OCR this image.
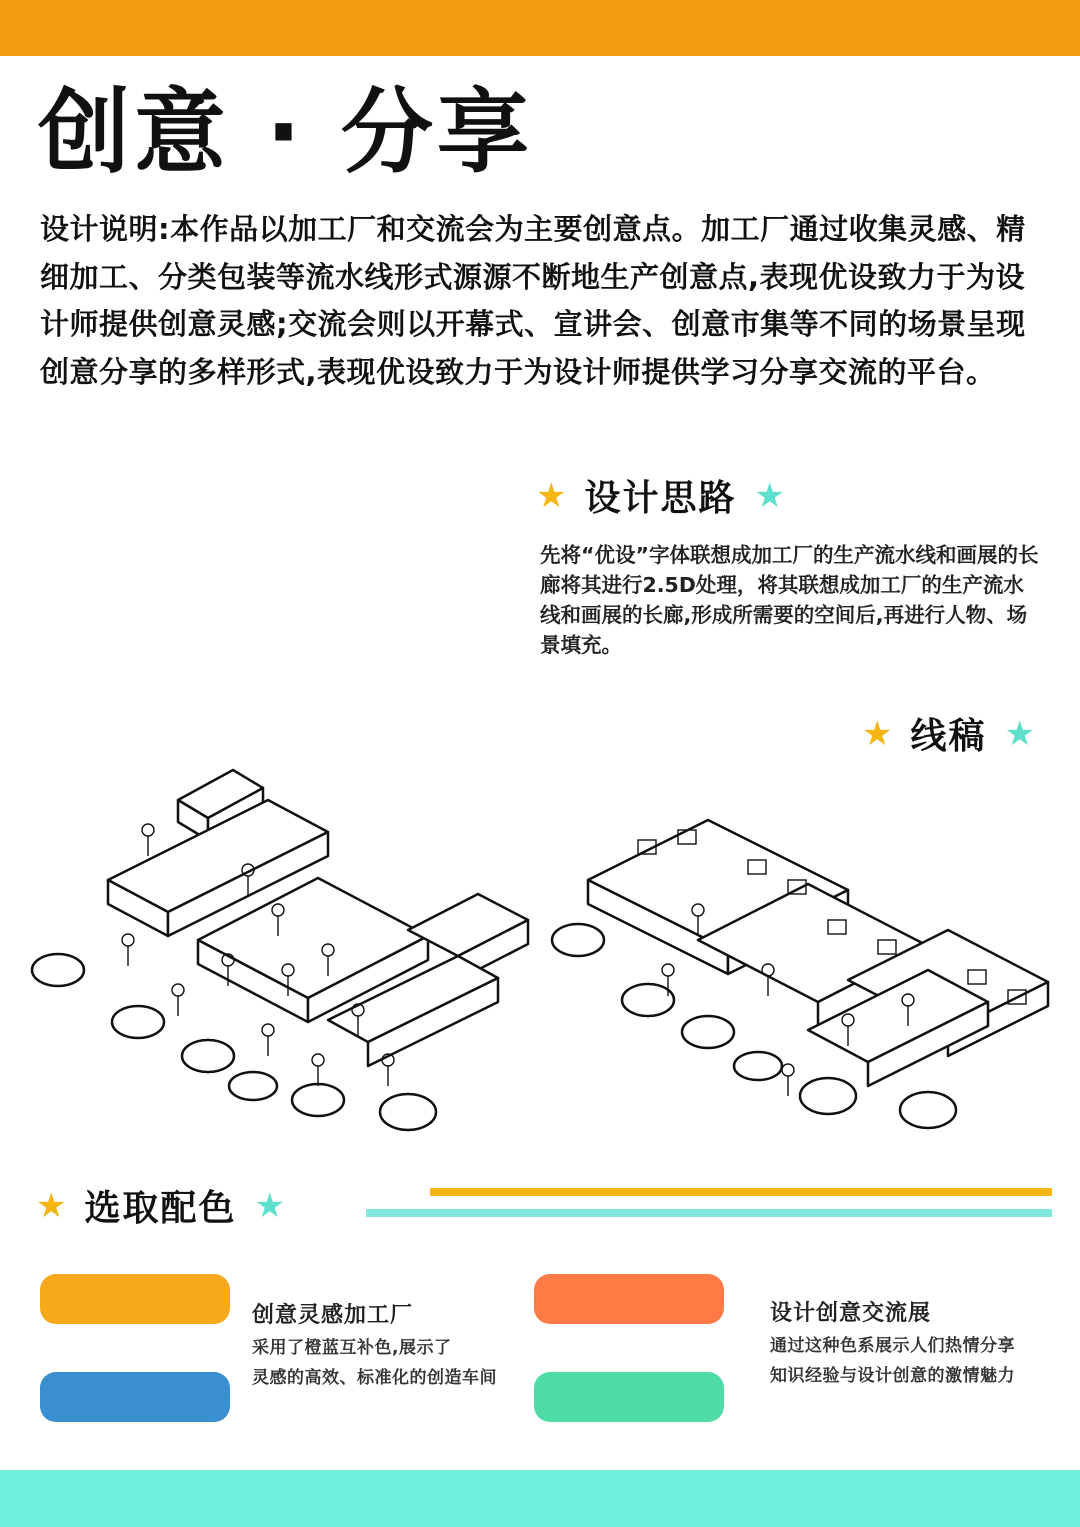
创意 · 分享

设计说明:本作品以加工厂和交流会为主要创意点。加工厂通过收集灵感、精细加工、分类包装等流水线形式源源不断地生产创意点,表现优设致力于为设计师提供创意灵感;交流会则以开幕式、宣讲会、创意市集等不同的场景呈现创意分享的多样形式,表现优设致力于为设计师提供学习分享交流的平台。

★ 设计思路 ★

先将“优设”字体联想成加工厂的生产流水线和画展的长廊将其进行2.5D处理，将其联想成加工厂的生产流水线和画展的长廊,形成所需要的空间后,再进行人物、场景填充。

★ 线稿 ★
★ 选取配色 ★
创意灵感加工厂
采用了橙蓝互补色,展示了
灵感的高效、标准化的创造车间
设计创意交流展
通过这种色系展示人们热情分享
知识经验与设计创意的激情魅力
